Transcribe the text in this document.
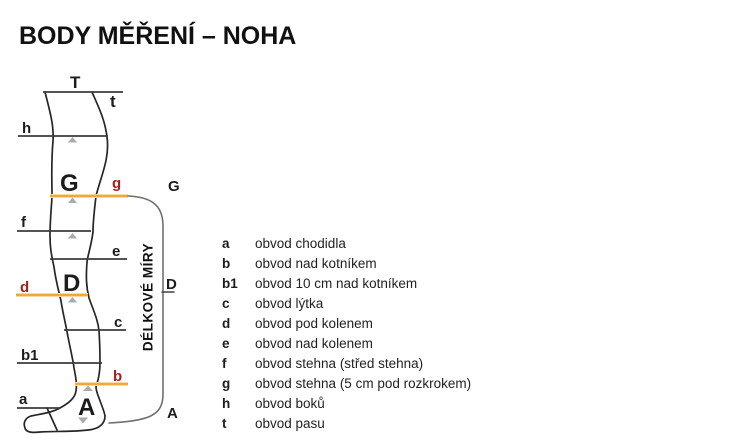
BODY MĚŘENÍ – NOHA
T
t
h
G g
f
e
d D
c
b1
b
a A
G
D
A
DÉLKOVÉ MÍRY	a	obvod chodidla
b	obvod nad kotníkem
b1	obvod 10 cm nad kotníkem
c	obvod lýtka
d	obvod pod kolenem
e	obvod nad kolenem
f	obvod stehna (střed stehna)
g	obvod stehna (5 cm pod rozkrokem)
h	obvod boků
t	obvod pasu
